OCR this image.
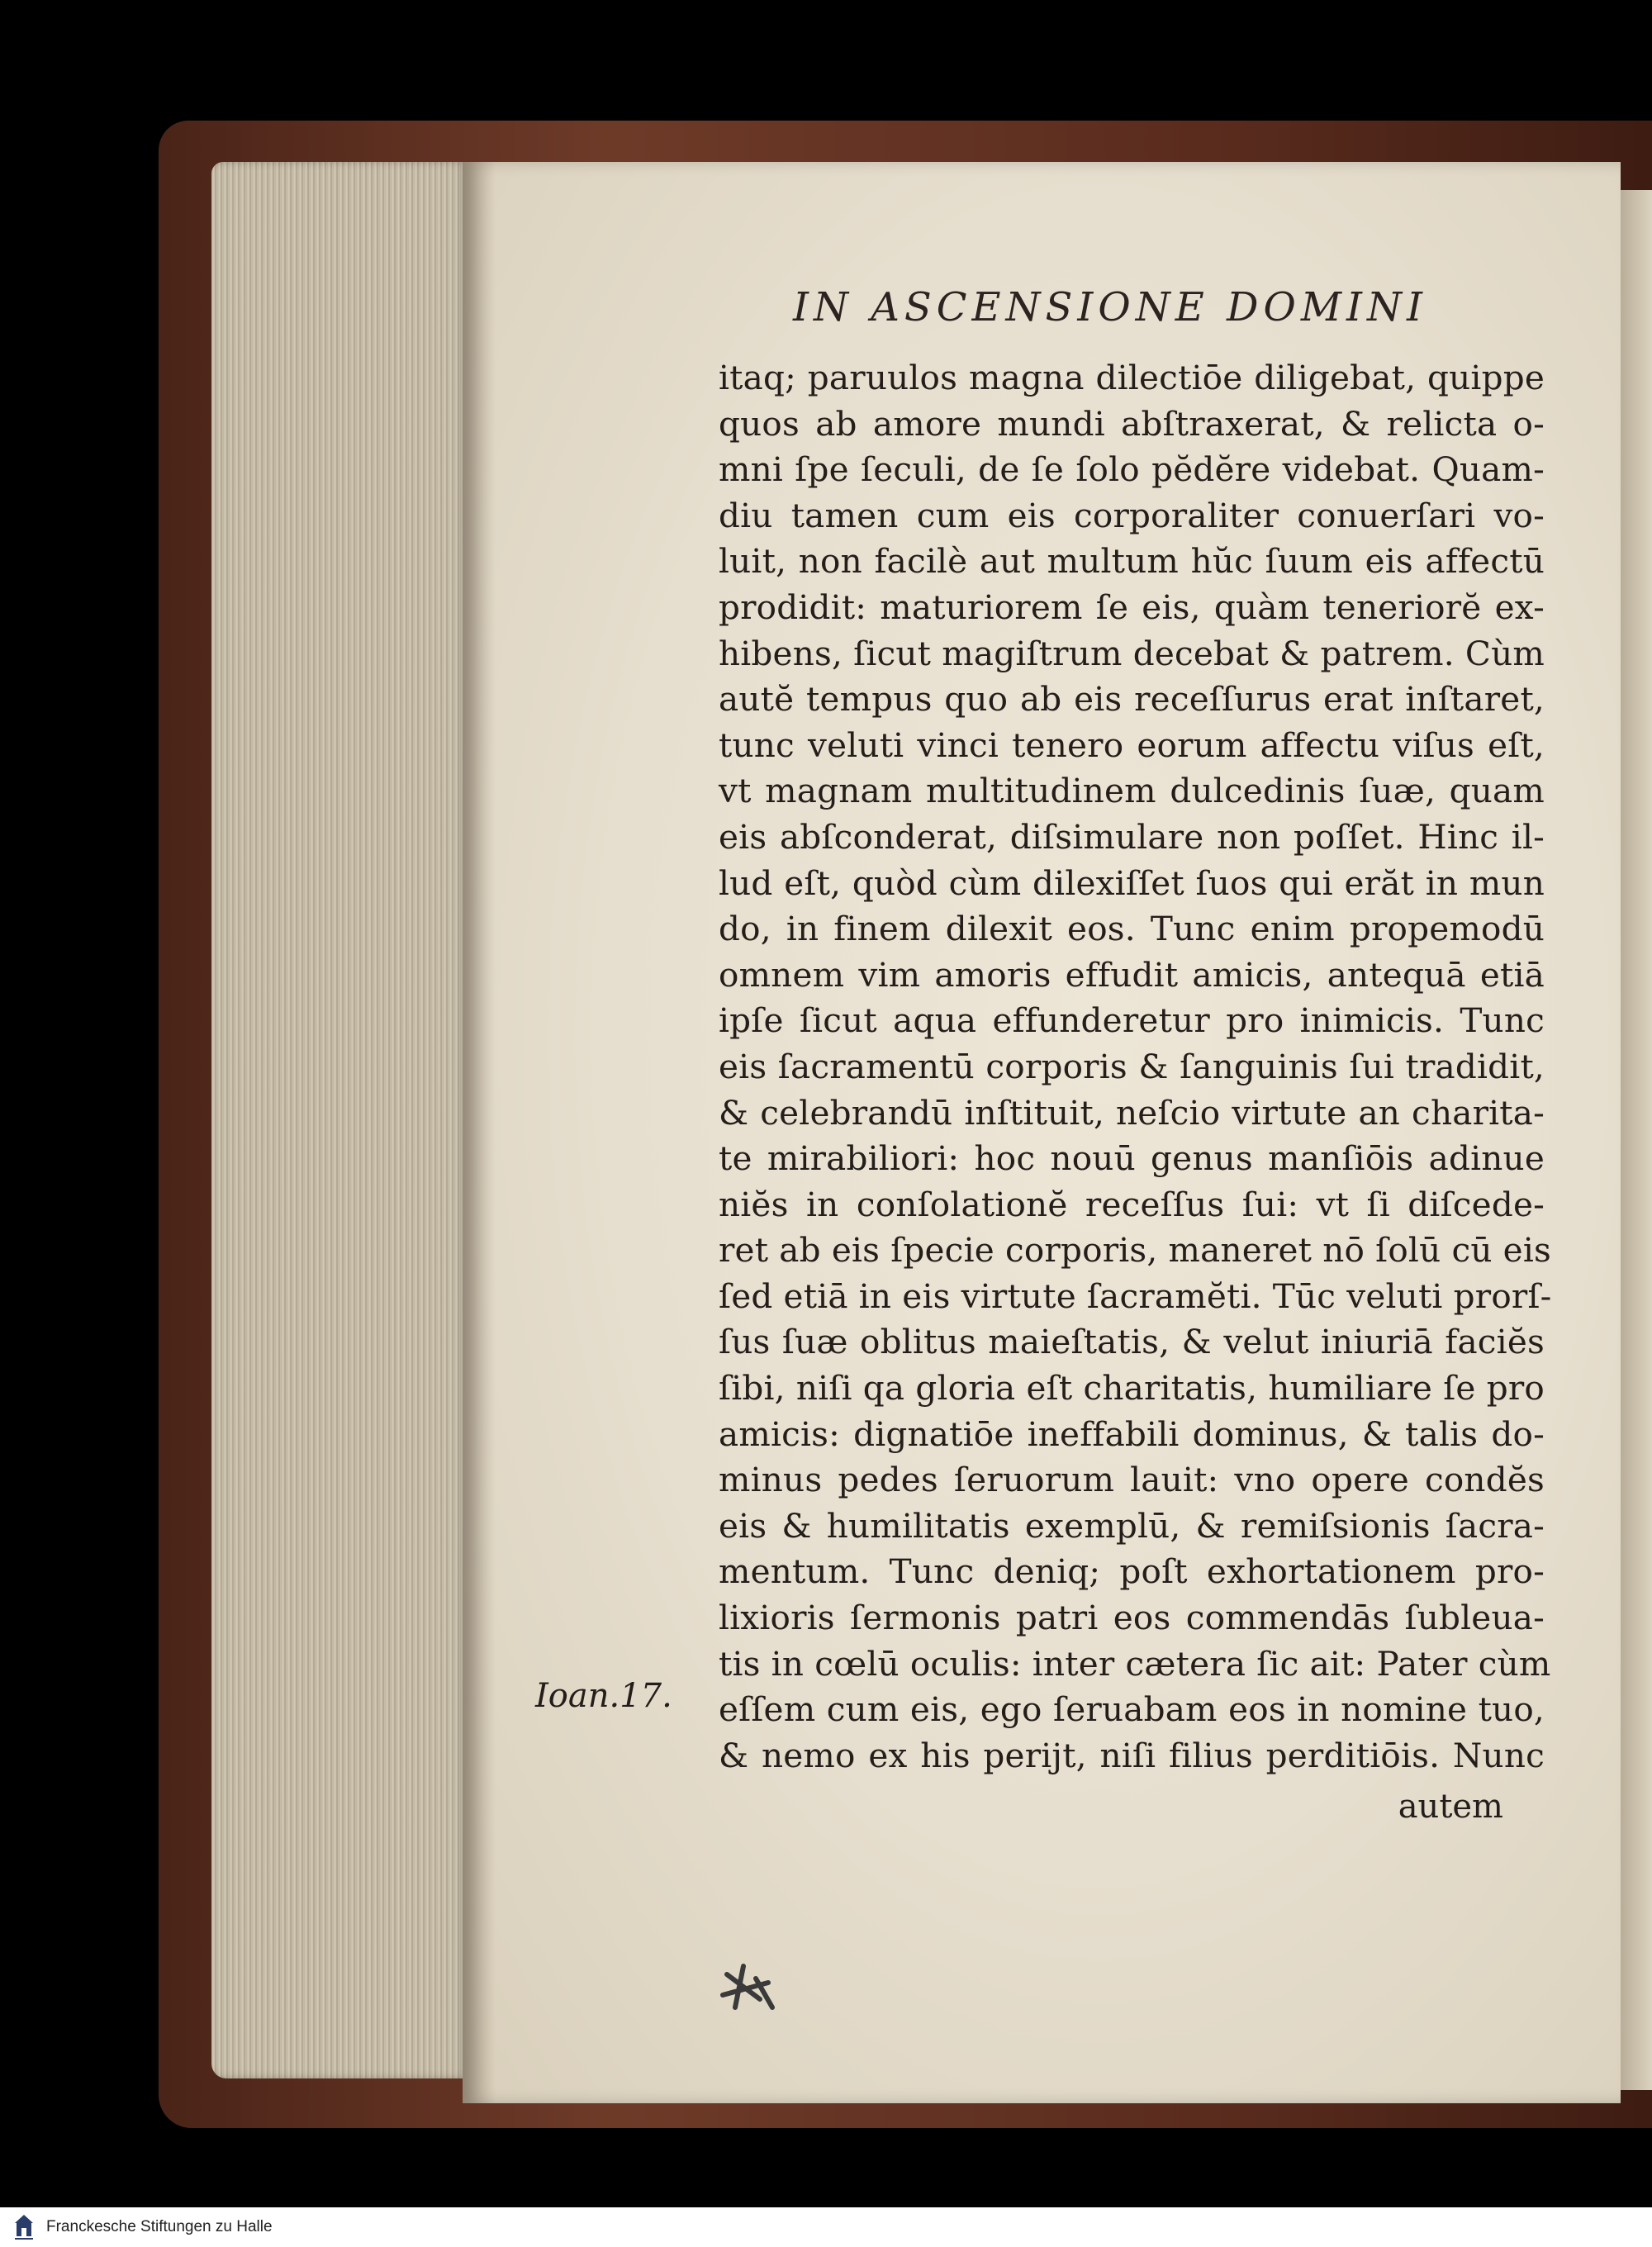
IN ASCENSIONE DOMINI
itaq; paruulos magna dilectiōe diligebat, quippe
quos ab amore mundi abſtraxerat, & relicta o-
mni ſpe ſeculi, de ſe ſolo pĕdĕre videbat. Quam-
diu tamen cum eis corporaliter conuerſari vo-
luit, non facilè aut multum hŭc ſuum eis affectū
prodidit: maturiorem ſe eis, quàm teneriorĕ ex-
hibens, ſicut magiſtrum decebat & patrem. Cùm
autĕ tempus quo ab eis receſſurus erat inſtaret,
tunc veluti vinci tenero eorum affectu viſus eſt,
vt magnam multitudinem dulcedinis ſuæ, quam
eis abſconderat, diſsimulare non poſſet. Hinc il-
lud eſt, quòd cùm dilexiſſet ſuos qui erăt in mun
do, in finem dilexit eos. Tunc enim propemodū
omnem vim amoris effudit amicis, antequā etiā
ipſe ſicut aqua effunderetur pro inimicis. Tunc
eis ſacramentū corporis & ſanguinis ſui tradidit,
& celebrandū inſtituit, neſcio virtute an charita-
te mirabiliori: hoc nouū genus manſiōis adinue
niĕs in conſolationĕ receſſus ſui: vt ſi diſcede-
ret ab eis ſpecie corporis, maneret nō ſolū cū eis
ſed etiā in eis virtute ſacramĕti. Tūc veluti prorſ-
ſus ſuæ oblitus maieſtatis, & velut iniuriā faciĕs
ſibi, niſi qa gloria eſt charitatis, humiliare ſe pro
amicis: dignatiōe ineffabili dominus, & talis do-
minus pedes ſeruorum lauit: vno opere condĕs
eis & humilitatis exemplū, & remiſsionis ſacra-
mentum. Tunc deniq; poſt exhortationem pro-
lixioris ſermonis patri eos commendās ſubleua-
tis in cœlū oculis: inter cætera ſic ait: Pater cùm
eſſem cum eis, ego ſeruabam eos in nomine tuo,
& nemo ex his perijt, niſi filius perditiōis. Nunc
Ioan.17.
autem
Franckesche Stiftungen zu Halle
